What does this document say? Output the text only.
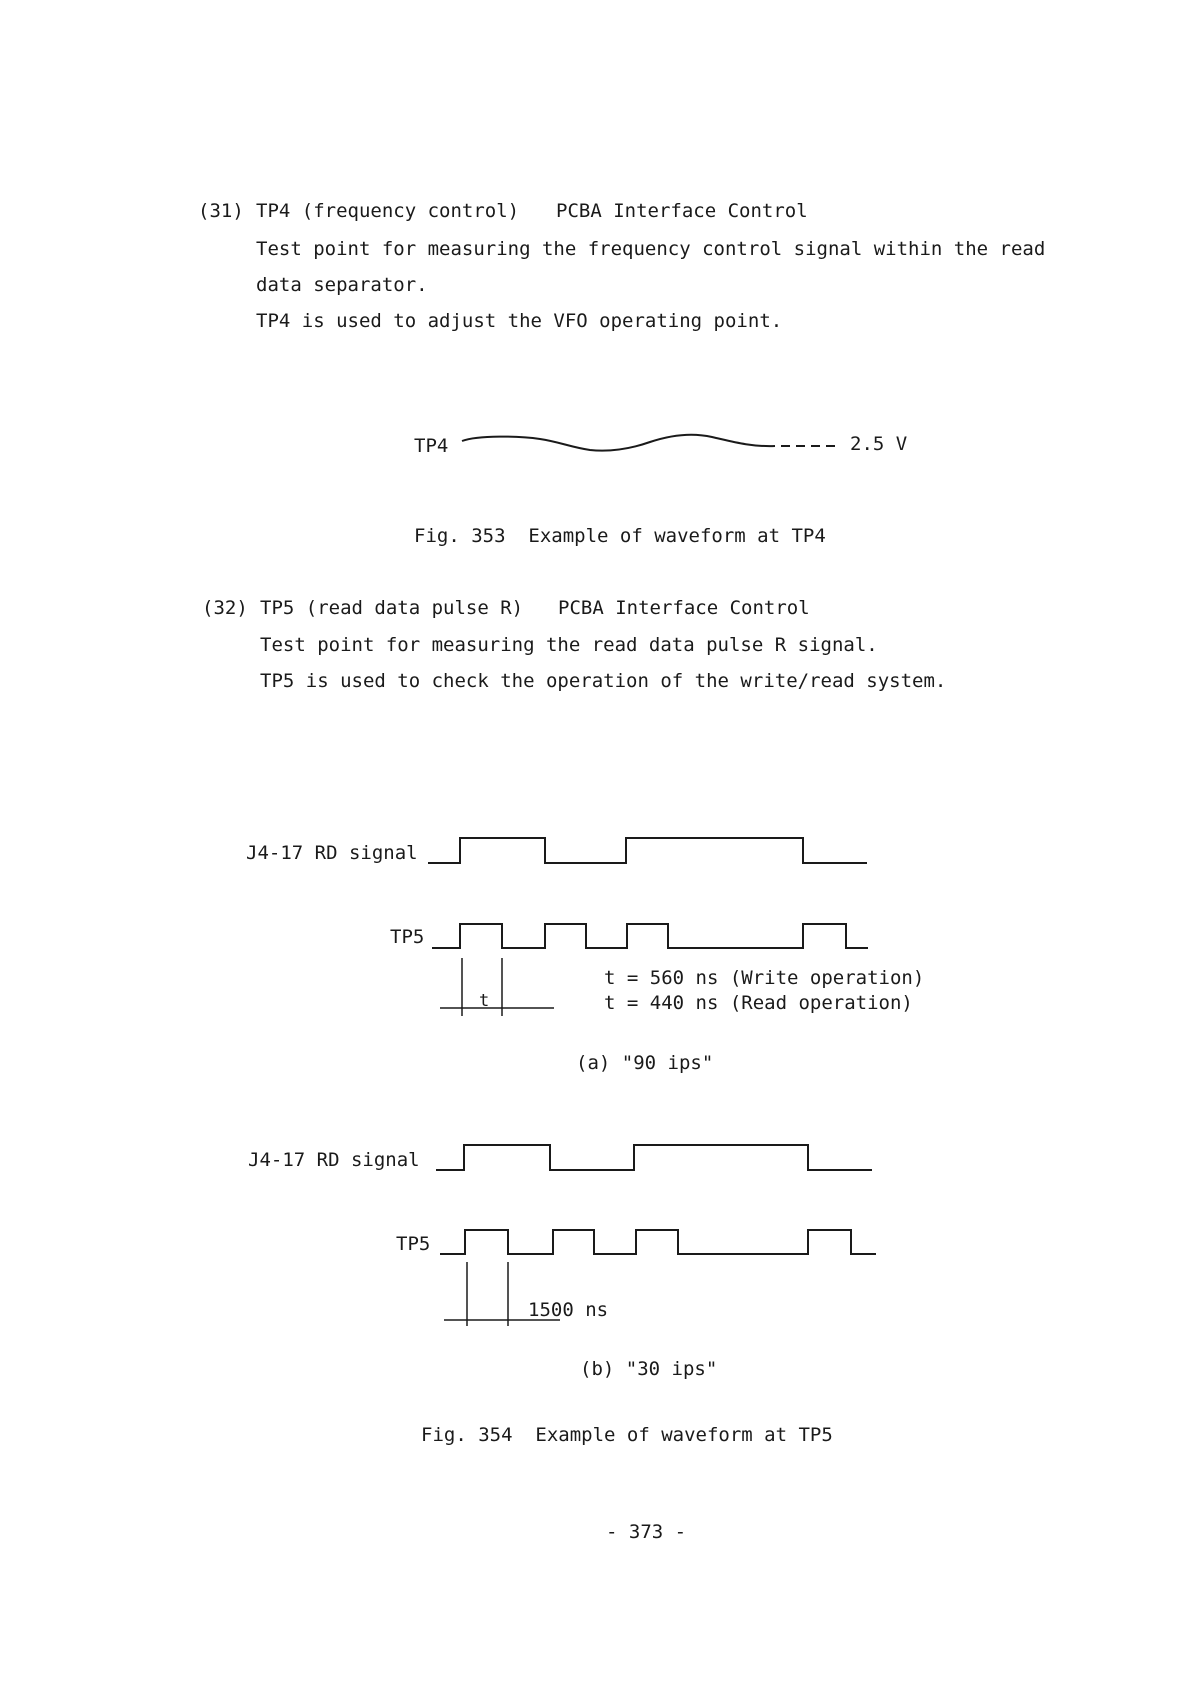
(31) TP4 (frequency control) PCBA Interface Control
Test point for measuring the frequency control signal within the read
data separator.
TP4 is used to adjust the VFO operating point.
TP4	2.5 V
Fig. 353  Example of waveform at TP4
(32) TP5 (read data pulse R) PCBA Interface Control
Test point for measuring the read data pulse R signal.
TP5 is used to check the operation of the write/read system.
J4-17 RD signal
TP5
t
t = 560 ns (Write operation)
t = 440 ns (Read operation)
(a) "90 ips"
J4-17 RD signal
TP5
1500 ns
(b) "30 ips"
Fig. 354  Example of waveform at TP5
- 373 -
